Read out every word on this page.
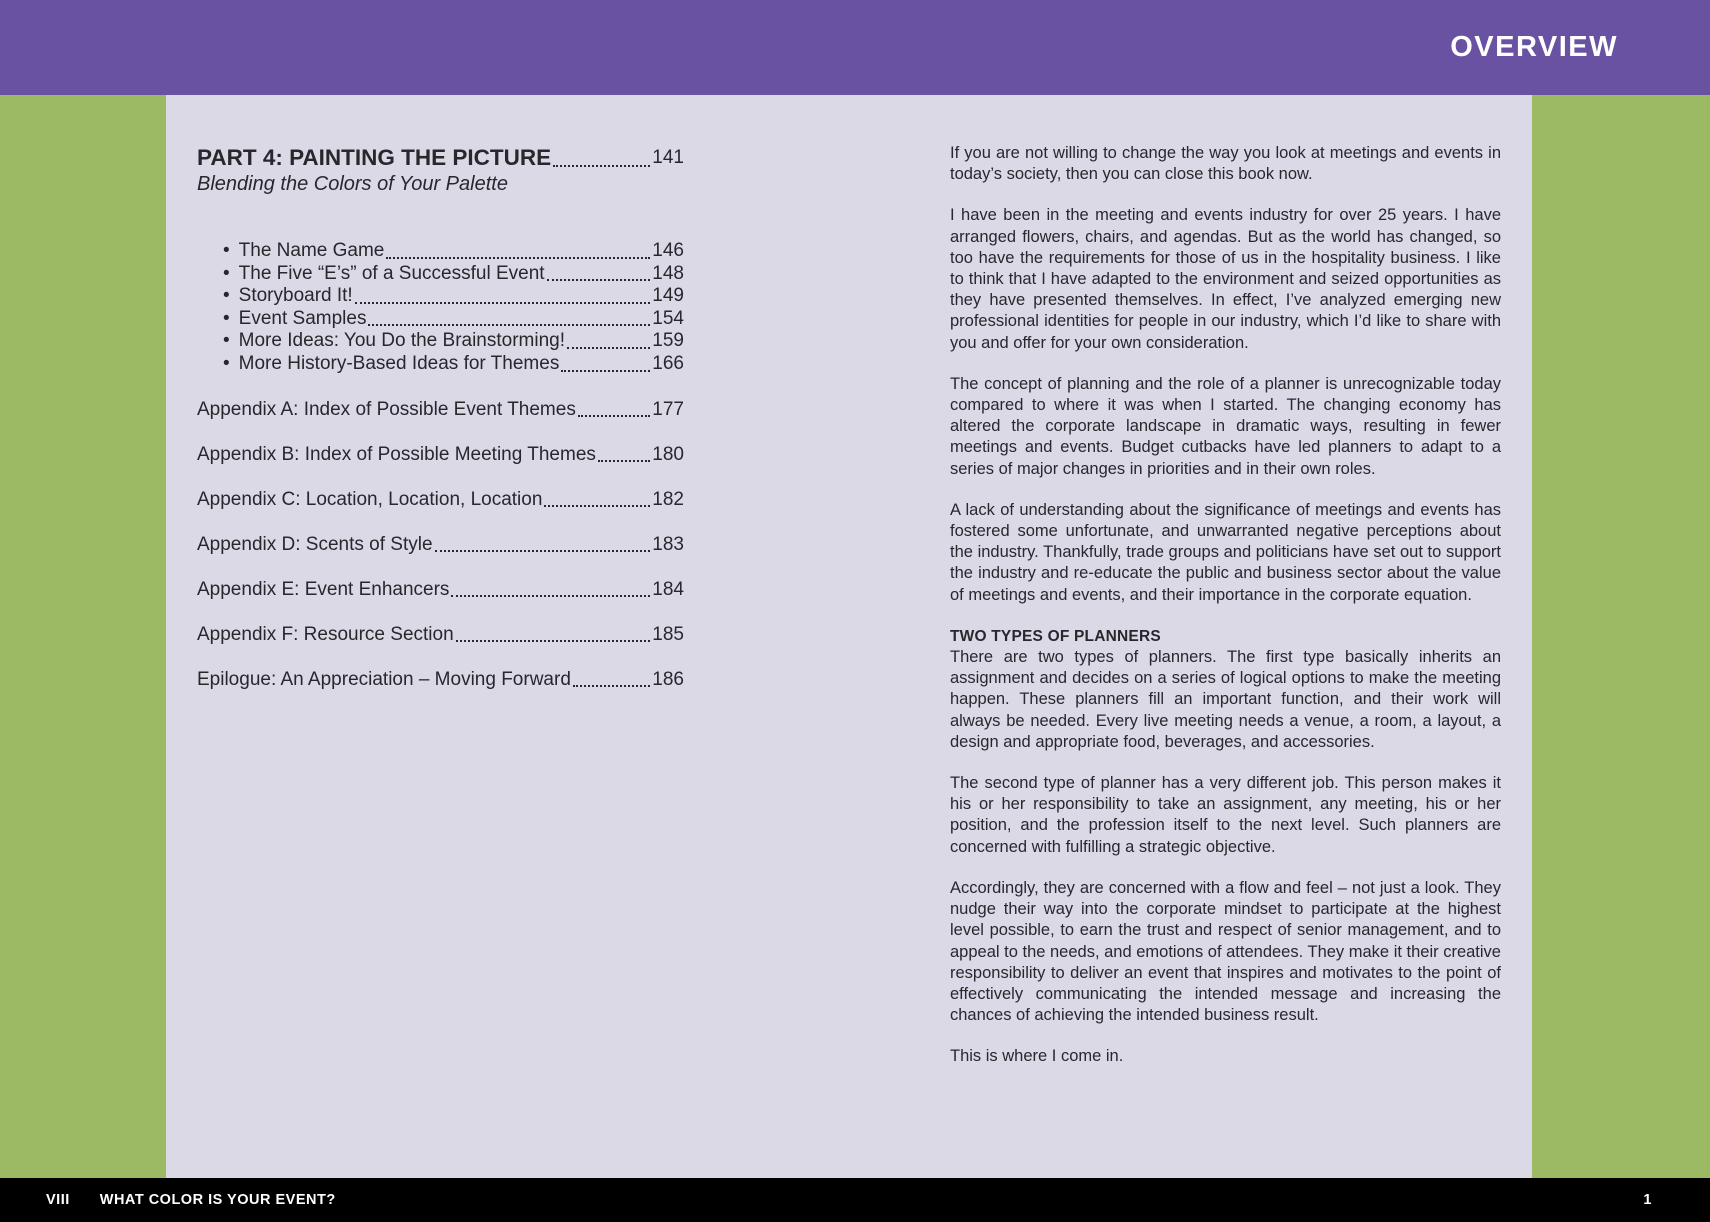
OVERVIEW
PART 4: PAINTING THE PICTURE	141
Blending the Colors of Your Palette
• The Name Game	146
• The Five “E’s” of a Successful Event	148
• Storyboard It!	149
• Event Samples	154
• More Ideas: You Do the Brainstorming!	159
• More History-Based Ideas for Themes	166
Appendix A: Index of Possible Event Themes	177
Appendix B: Index of Possible Meeting Themes	180
Appendix C: Location, Location, Location	182
Appendix D: Scents of Style	183
Appendix E: Event Enhancers	184
Appendix F: Resource Section	185
Epilogue: An Appreciation – Moving Forward	186

If you are not willing to change the way you look at meetings and events in today’s society, then you can close this book now.

I have been in the meeting and events industry for over 25 years. I have arranged flowers, chairs, and agendas. But as the world has changed, so too have the requirements for those of us in the hospitality business. I like to think that I have adapted to the environment and seized opportunities as they have presented themselves. In effect, I’ve analyzed emerging new professional identities for people in our industry, which I’d like to share with you and offer for your own consideration.

The concept of planning and the role of a planner is unrecognizable today compared to where it was when I started. The changing economy has altered the corporate landscape in dramatic ways, resulting in fewer meetings and events. Budget cutbacks have led planners to adapt to a series of major changes in priorities and in their own roles.

A lack of understanding about the significance of meetings and events has fostered some unfortunate, and unwarranted negative perceptions about the industry. Thankfully, trade groups and politicians have set out to support the industry and re-educate the public and business sector about the value of meetings and events, and their importance in the corporate equation.

TWO TYPES OF PLANNERS

There are two types of planners. The first type basically inherits an assignment and decides on a series of logical options to make the meeting happen. These planners fill an important function, and their work will always be needed. Every live meeting needs a venue, a room, a layout, a design and appropriate food, beverages, and accessories.

The second type of planner has a very different job. This person makes it his or her responsibility to take an assignment, any meeting, his or her position, and the profession itself to the next level. Such planners are concerned with fulfilling a strategic objective.

Accordingly, they are concerned with a flow and feel – not just a look. They nudge their way into the corporate mindset to participate at the highest level possible, to earn the trust and respect of senior management, and to appeal to the needs, and emotions of attendees. They make it their creative responsibility to deliver an event that inspires and motivates to the point of effectively communicating the intended message and increasing the chances of achieving the intended business result.

This is where I come in.

VIII	WHAT COLOR IS YOUR EVENT?	1
